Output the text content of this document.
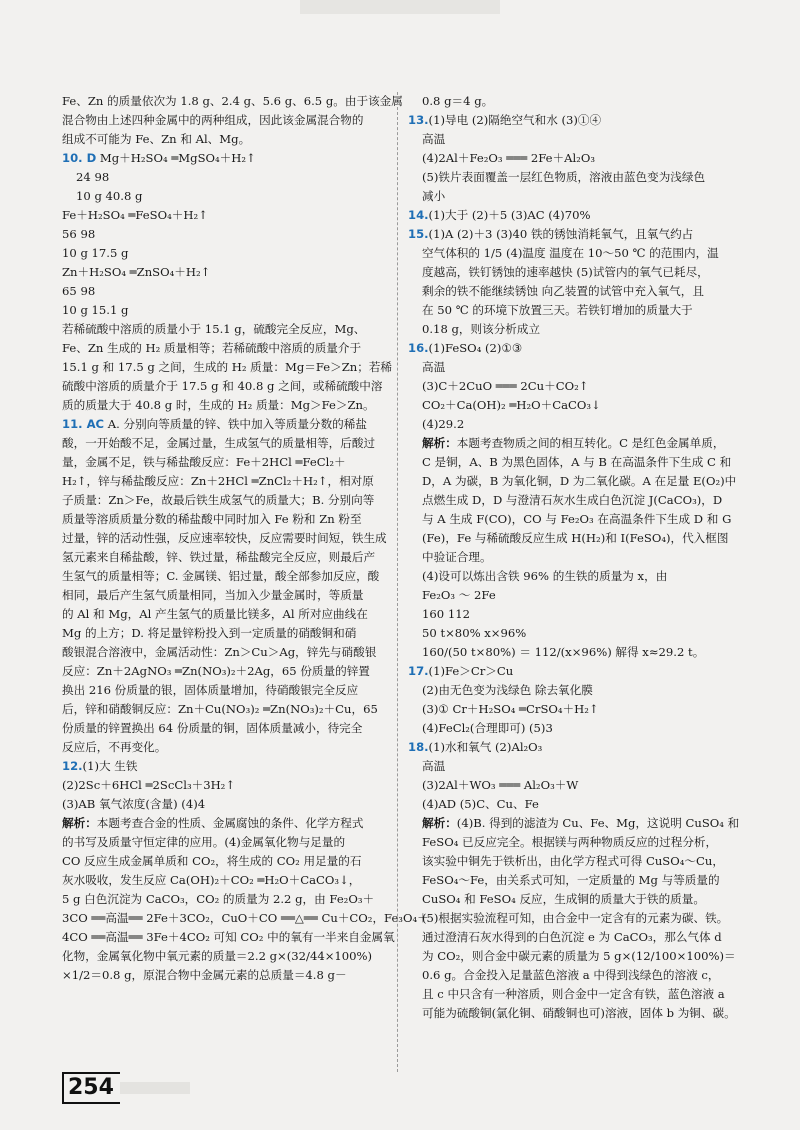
Fe、Zn 的质量依次为 1.8 g、2.4 g、5.6 g、6.5 g。由于该金属
混合物由上述四种金属中的两种组成，因此该金属混合物的
组成不可能为 Fe、Zn 和 Al、Mg。
10. D Mg＋H₂SO₄ ═MgSO₄＋H₂↑
24 98
10 g 40.8 g
Fe＋H₂SO₄ ═FeSO₄＋H₂↑
56 98
10 g 17.5 g
Zn＋H₂SO₄ ═ZnSO₄＋H₂↑
65 98
10 g 15.1 g
若稀硫酸中溶质的质量小于 15.1 g，硫酸完全反应，Mg、
Fe、Zn 生成的 H₂ 质量相等；若稀硫酸中溶质的质量介于
15.1 g 和 17.5 g 之间，生成的 H₂ 质量：Mg＝Fe＞Zn；若稀
硫酸中溶质的质量介于 17.5 g 和 40.8 g 之间，或稀硫酸中溶
质的质量大于 40.8 g 时，生成的 H₂ 质量：Mg＞Fe＞Zn。
11. AC A. 分别向等质量的锌、铁中加入等质量分数的稀盐
酸，一开始酸不足，金属过量，生成氢气的质量相等，后酸过
量，金属不足，铁与稀盐酸反应：Fe＋2HCl ═FeCl₂＋
H₂↑，锌与稀盐酸反应：Zn＋2HCl ═ZnCl₂＋H₂↑，相对原
子质量：Zn＞Fe，故最后铁生成氢气的质量大；B. 分别向等
质量等溶质质量分数的稀盐酸中同时加入 Fe 粉和 Zn 粉至
过量，锌的活动性强，反应速率较快，反应需要时间短，铁生成
氢元素来自稀盐酸，锌、铁过量，稀盐酸完全反应，则最后产
生氢气的质量相等；C. 金属镁、铝过量，酸全部参加反应，酸
相同，最后产生氢气质量相同，当加入少量金属时，等质量
的 Al 和 Mg，Al 产生氢气的质量比镁多，Al 所对应曲线在
Mg 的上方；D. 将足量锌粉投入到一定质量的硝酸铜和硝
酸银混合溶液中，金属活动性：Zn＞Cu＞Ag，锌先与硝酸银
反应：Zn＋2AgNO₃ ═Zn(NO₃)₂＋2Ag，65 份质量的锌置
换出 216 份质量的银，固体质量增加，待硝酸银完全反应
后，锌和硝酸铜反应：Zn＋Cu(NO₃)₂ ═Zn(NO₃)₂＋Cu，65
份质量的锌置换出 64 份质量的铜，固体质量减小，待完全
反应后，不再变化。
12.(1)大 生铁
(2)2Sc＋6HCl ═2ScCl₃＋3H₂↑
(3)AB 氧气浓度(含量) (4)4
解析：本题考查合金的性质、金属腐蚀的条件、化学方程式
的书写及质量守恒定律的应用。(4)金属氧化物与足量的
CO 反应生成金属单质和 CO₂，将生成的 CO₂ 用足量的石
灰水吸收，发生反应 Ca(OH)₂＋CO₂ ═H₂O＋CaCO₃↓，
5 g 白色沉淀为 CaCO₃，CO₂ 的质量为 2.2 g，由 Fe₂O₃＋
3CO ══高温══ 2Fe＋3CO₂，CuO＋CO ══△══ Cu＋CO₂，Fe₃O₄＋
4CO ══高温══ 3Fe＋4CO₂ 可知 CO₂ 中的氧有一半来自金属氧
化物，金属氧化物中氧元素的质量＝2.2 g×(32/44×100%)
×1/2＝0.8 g，原混合物中金属元素的总质量＝4.8 g－
0.8 g＝4 g。
13.(1)导电 (2)隔绝空气和水 (3)①④
高温
(4)2Al＋Fe₂O₃ ═══ 2Fe＋Al₂O₃
(5)铁片表面覆盖一层红色物质，溶液由蓝色变为浅绿色
减小
14.(1)大于 (2)＋5 (3)AC (4)70%
15.(1)A (2)＋3 (3)40 铁的锈蚀消耗氧气，且氧气约占
空气体积的 1/5 (4)温度 温度在 10～50 ℃ 的范围内，温
度越高，铁钉锈蚀的速率越快 (5)试管内的氧气已耗尽，
剩余的铁不能继续锈蚀 向乙装置的试管中充入氧气，且
在 50 ℃ 的环境下放置三天。若铁钉增加的质量大于
0.18 g，则该分析成立
16.(1)FeSO₄ (2)①③
高温
(3)C＋2CuO ═══ 2Cu＋CO₂↑
CO₂＋Ca(OH)₂ ═H₂O＋CaCO₃↓
(4)29.2
解析：本题考查物质之间的相互转化。C 是红色金属单质，
C 是铜，A、B 为黑色固体，A 与 B 在高温条件下生成 C 和
D，A 为碳，B 为氧化铜，D 为二氧化碳。A 在足量 E(O₂)中
点燃生成 D，D 与澄清石灰水生成白色沉淀 J(CaCO₃)，D
与 A 生成 F(CO)，CO 与 Fe₂O₃ 在高温条件下生成 D 和 G
(Fe)，Fe 与稀硫酸反应生成 H(H₂)和 I(FeSO₄)，代入框图
中验证合理。
(4)设可以炼出含铁 96% 的生铁的质量为 x，由
Fe₂O₃ ～ 2Fe
160 112
50 t×80% x×96%
160/(50 t×80%) ＝ 112/(x×96%) 解得 x≈29.2 t。
17.(1)Fe＞Cr＞Cu
(2)由无色变为浅绿色 除去氧化膜
(3)① Cr＋H₂SO₄ ═CrSO₄＋H₂↑
(4)FeCl₂(合理即可) (5)3
18.(1)水和氧气 (2)Al₂O₃
高温
(3)2Al＋WO₃ ═══ Al₂O₃＋W
(4)AD (5)C、Cu、Fe
解析：(4)B. 得到的滤渣为 Cu、Fe、Mg，这说明 CuSO₄ 和
FeSO₄ 已反应完全。根据镁与两种物质反应的过程分析，
该实验中铜先于铁析出，由化学方程式可得 CuSO₄～Cu，
FeSO₄～Fe，由关系式可知，一定质量的 Mg 与等质量的
CuSO₄ 和 FeSO₄ 反应，生成铜的质量大于铁的质量。
(5)根据实验流程可知，由合金中一定含有的元素为碳、铁。
通过澄清石灰水得到的白色沉淀 e 为 CaCO₃，那么气体 d
为 CO₂，则合金中碳元素的质量为 5 g×(12/100×100%)＝
0.6 g。合金投入足量蓝色溶液 a 中得到浅绿色的溶液 c，
且 c 中只含有一种溶质，则合金中一定含有铁，蓝色溶液 a
可能为硫酸铜(氯化铜、硝酸铜也可)溶液，固体 b 为铜、碳。
254
